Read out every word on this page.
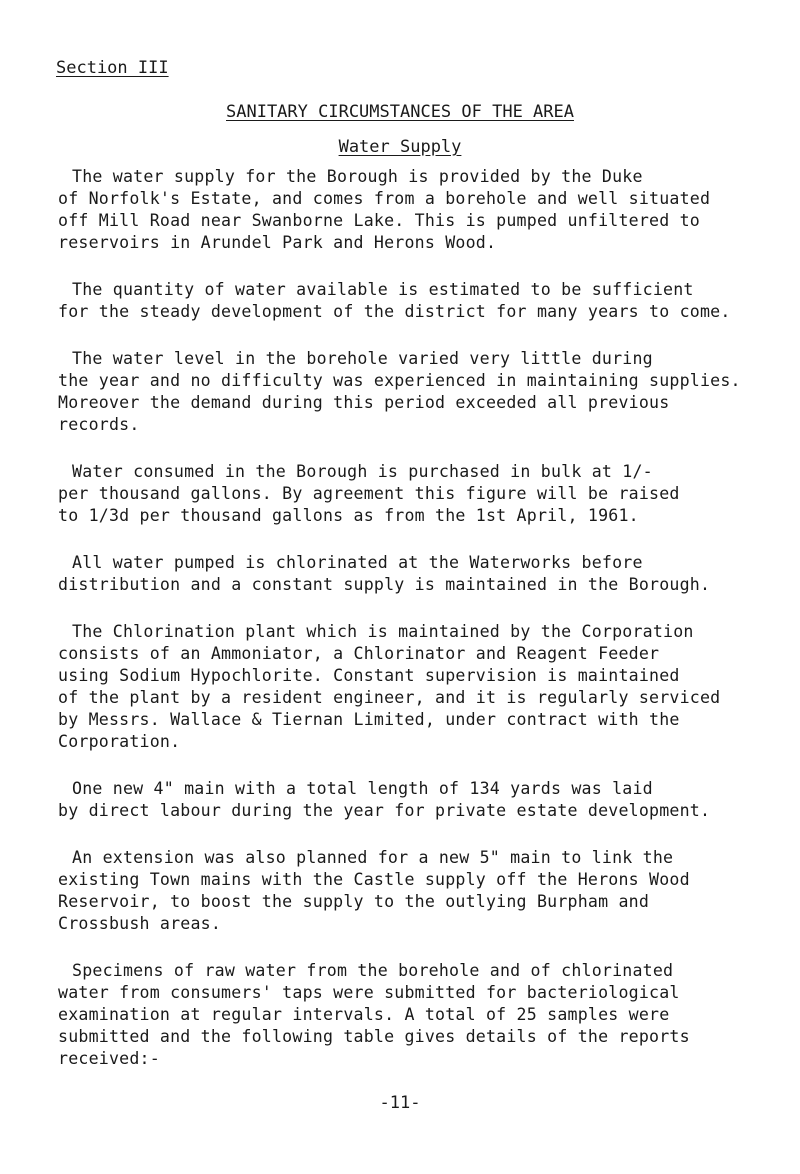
Section III
SANITARY CIRCUMSTANCES OF THE AREA
Water Supply
The water supply for the Borough is provided by the Duke
of Norfolk's Estate, and comes from a borehole and well situated
off Mill Road near Swanborne Lake. This is pumped unfiltered to
reservoirs in Arundel Park and Herons Wood.
The quantity of water available is estimated to be sufficient
for the steady development of the district for many years to come.
The water level in the borehole varied very little during
the year and no difficulty was experienced in maintaining supplies.
Moreover the demand during this period exceeded all previous
records.
Water consumed in the Borough is purchased in bulk at 1/-
per thousand gallons. By agreement this figure will be raised
to 1/3d per thousand gallons as from the 1st April, 1961.
All water pumped is chlorinated at the Waterworks before
distribution and a constant supply is maintained in the Borough.
The Chlorination plant which is maintained by the Corporation
consists of an Ammoniator, a Chlorinator and Reagent Feeder
using Sodium Hypochlorite. Constant supervision is maintained
of the plant by a resident engineer, and it is regularly serviced
by Messrs. Wallace & Tiernan Limited, under contract with the
Corporation.
One new 4" main with a total length of 134 yards was laid
by direct labour during the year for private estate development.
An extension was also planned for a new 5" main to link the
existing Town mains with the Castle supply off the Herons Wood
Reservoir, to boost the supply to the outlying Burpham and
Crossbush areas.
Specimens of raw water from the borehole and of chlorinated
water from consumers' taps were submitted for bacteriological
examination at regular intervals. A total of 25 samples were
submitted and the following table gives details of the reports
received:-
-11-
